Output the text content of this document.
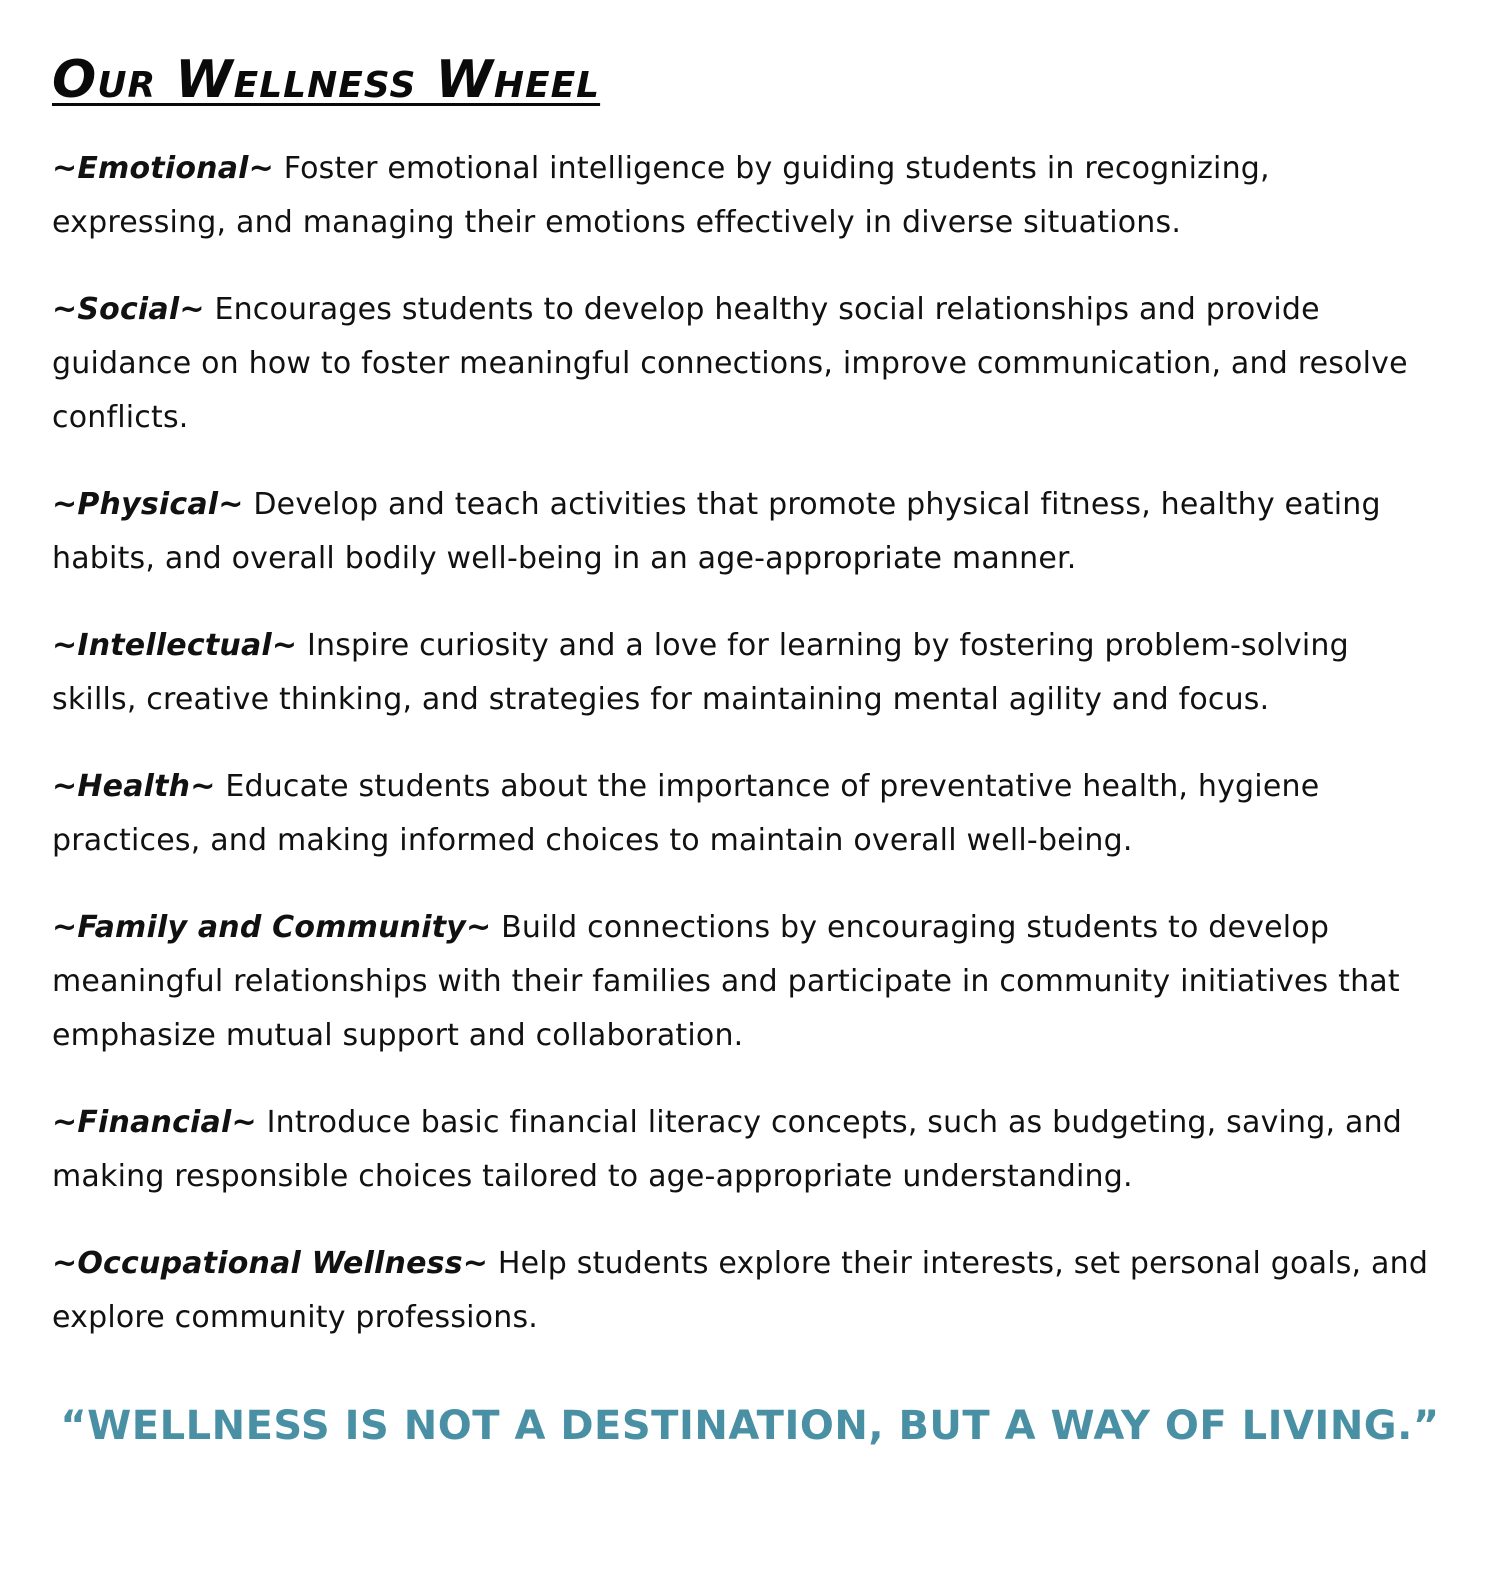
Our Wellness Wheel

~Emotional~ Foster emotional intelligence by guiding students in recognizing, expressing, and managing their emotions effectively in diverse situations.

~Social~ Encourages students to develop healthy social relationships and provide guidance on how to foster meaningful connections, improve communication, and resolve conflicts.

~Physical~ Develop and teach activities that promote physical fitness, healthy eating habits, and overall bodily well-being in an age-appropriate manner.

~Intellectual~ Inspire curiosity and a love for learning by fostering problem-solving skills, creative thinking, and strategies for maintaining mental agility and focus.

~Health~ Educate students about the importance of preventative health, hygiene practices, and making informed choices to maintain overall well-being.

~Family and Community~ Build connections by encouraging students to develop meaningful relationships with their families and participate in community initiatives that emphasize mutual support and collaboration.

~Financial~ Introduce basic financial literacy concepts, such as budgeting, saving, and making responsible choices tailored to age-appropriate understanding.

~Occupational Wellness~ Help students explore their interests, set personal goals, and explore community professions.

“WELLNESS IS NOT A DESTINATION, BUT A WAY OF LIVING.”
